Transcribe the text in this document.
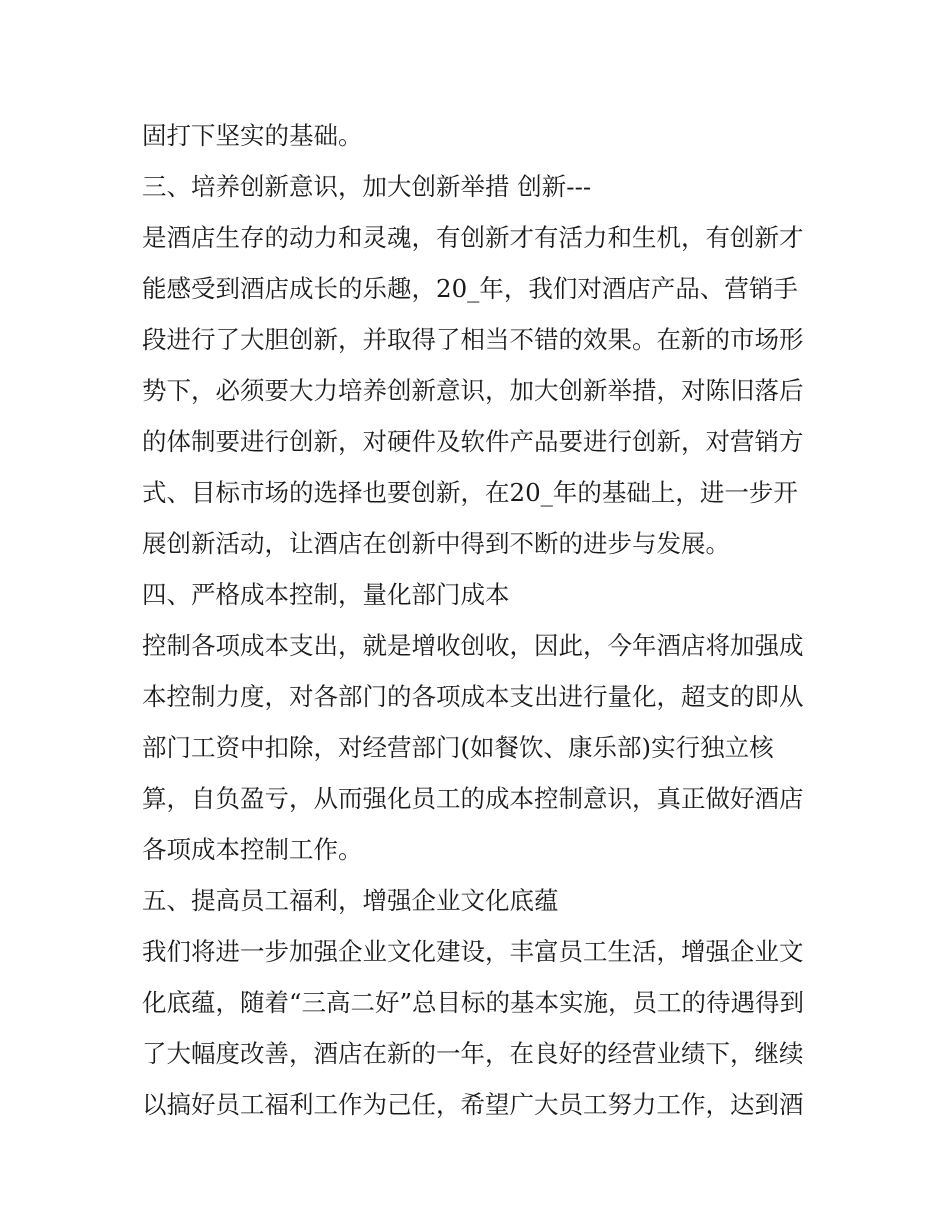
固打下坚实的基础。
三、培养创新意识，加大创新举措 创新---
是酒店生存的动力和灵魂，有创新才有活力和生机，有创新才
能感受到酒店成长的乐趣，20_年，我们对酒店产品、营销手
段进行了大胆创新，并取得了相当不错的效果。在新的市场形
势下，必须要大力培养创新意识，加大创新举措，对陈旧落后
的体制要进行创新，对硬件及软件产品要进行创新，对营销方
式、目标市场的选择也要创新，在20_年的基础上，进一步开
展创新活动，让酒店在创新中得到不断的进步与发展。
四、严格成本控制，量化部门成本
控制各项成本支出，就是增收创收，因此，今年酒店将加强成
本控制力度，对各部门的各项成本支出进行量化，超支的即从
部门工资中扣除，对经营部门(如餐饮、康乐部)实行独立核
算，自负盈亏，从而强化员工的成本控制意识，真正做好酒店
各项成本控制工作。
五、提高员工福利，增强企业文化底蕴
我们将进一步加强企业文化建设，丰富员工生活，增强企业文
化底蕴，随着“三高二好”总目标的基本实施，员工的待遇得到
了大幅度改善，酒店在新的一年，在良好的经营业绩下，继续
以搞好员工福利工作为己任，希望广大员工努力工作，达到酒
